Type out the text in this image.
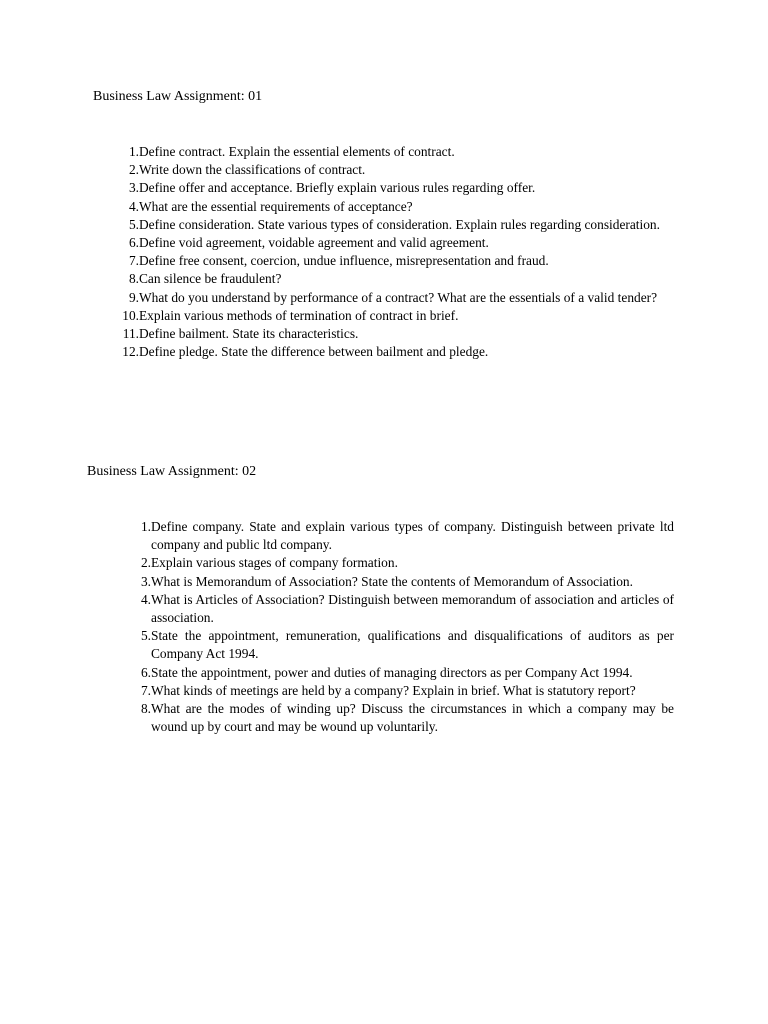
Business Law Assignment: 01
1. Define contract. Explain the essential elements of contract.
2. Write down the classifications of contract.
3. Define offer and acceptance. Briefly explain various rules regarding offer.
4. What are the essential requirements of acceptance?
5. Define consideration. State various types of consideration. Explain rules regarding consideration.
6. Define void agreement, voidable agreement and valid agreement.
7. Define free consent, coercion, undue influence, misrepresentation and fraud.
8. Can silence be fraudulent?
9. What do you understand by performance of a contract? What are the essentials of a valid tender?
10. Explain various methods of termination of contract in brief.
11. Define bailment. State its characteristics.
12. Define pledge. State the difference between bailment and pledge.
Business Law Assignment: 02
1. Define company. State and explain various types of company. Distinguish between private ltd company and public ltd company.
2. Explain various stages of company formation.
3. What is Memorandum of Association? State the contents of Memorandum of Association.
4. What is Articles of Association? Distinguish between memorandum of association and articles of association.
5. State the appointment, remuneration, qualifications and disqualifications of auditors as per Company Act 1994.
6. State the appointment, power and duties of managing directors as per Company Act 1994.
7. What kinds of meetings are held by a company? Explain in brief. What is statutory report?
8. What are the modes of winding up? Discuss the circumstances in which a company may be wound up by court and may be wound up voluntarily.
